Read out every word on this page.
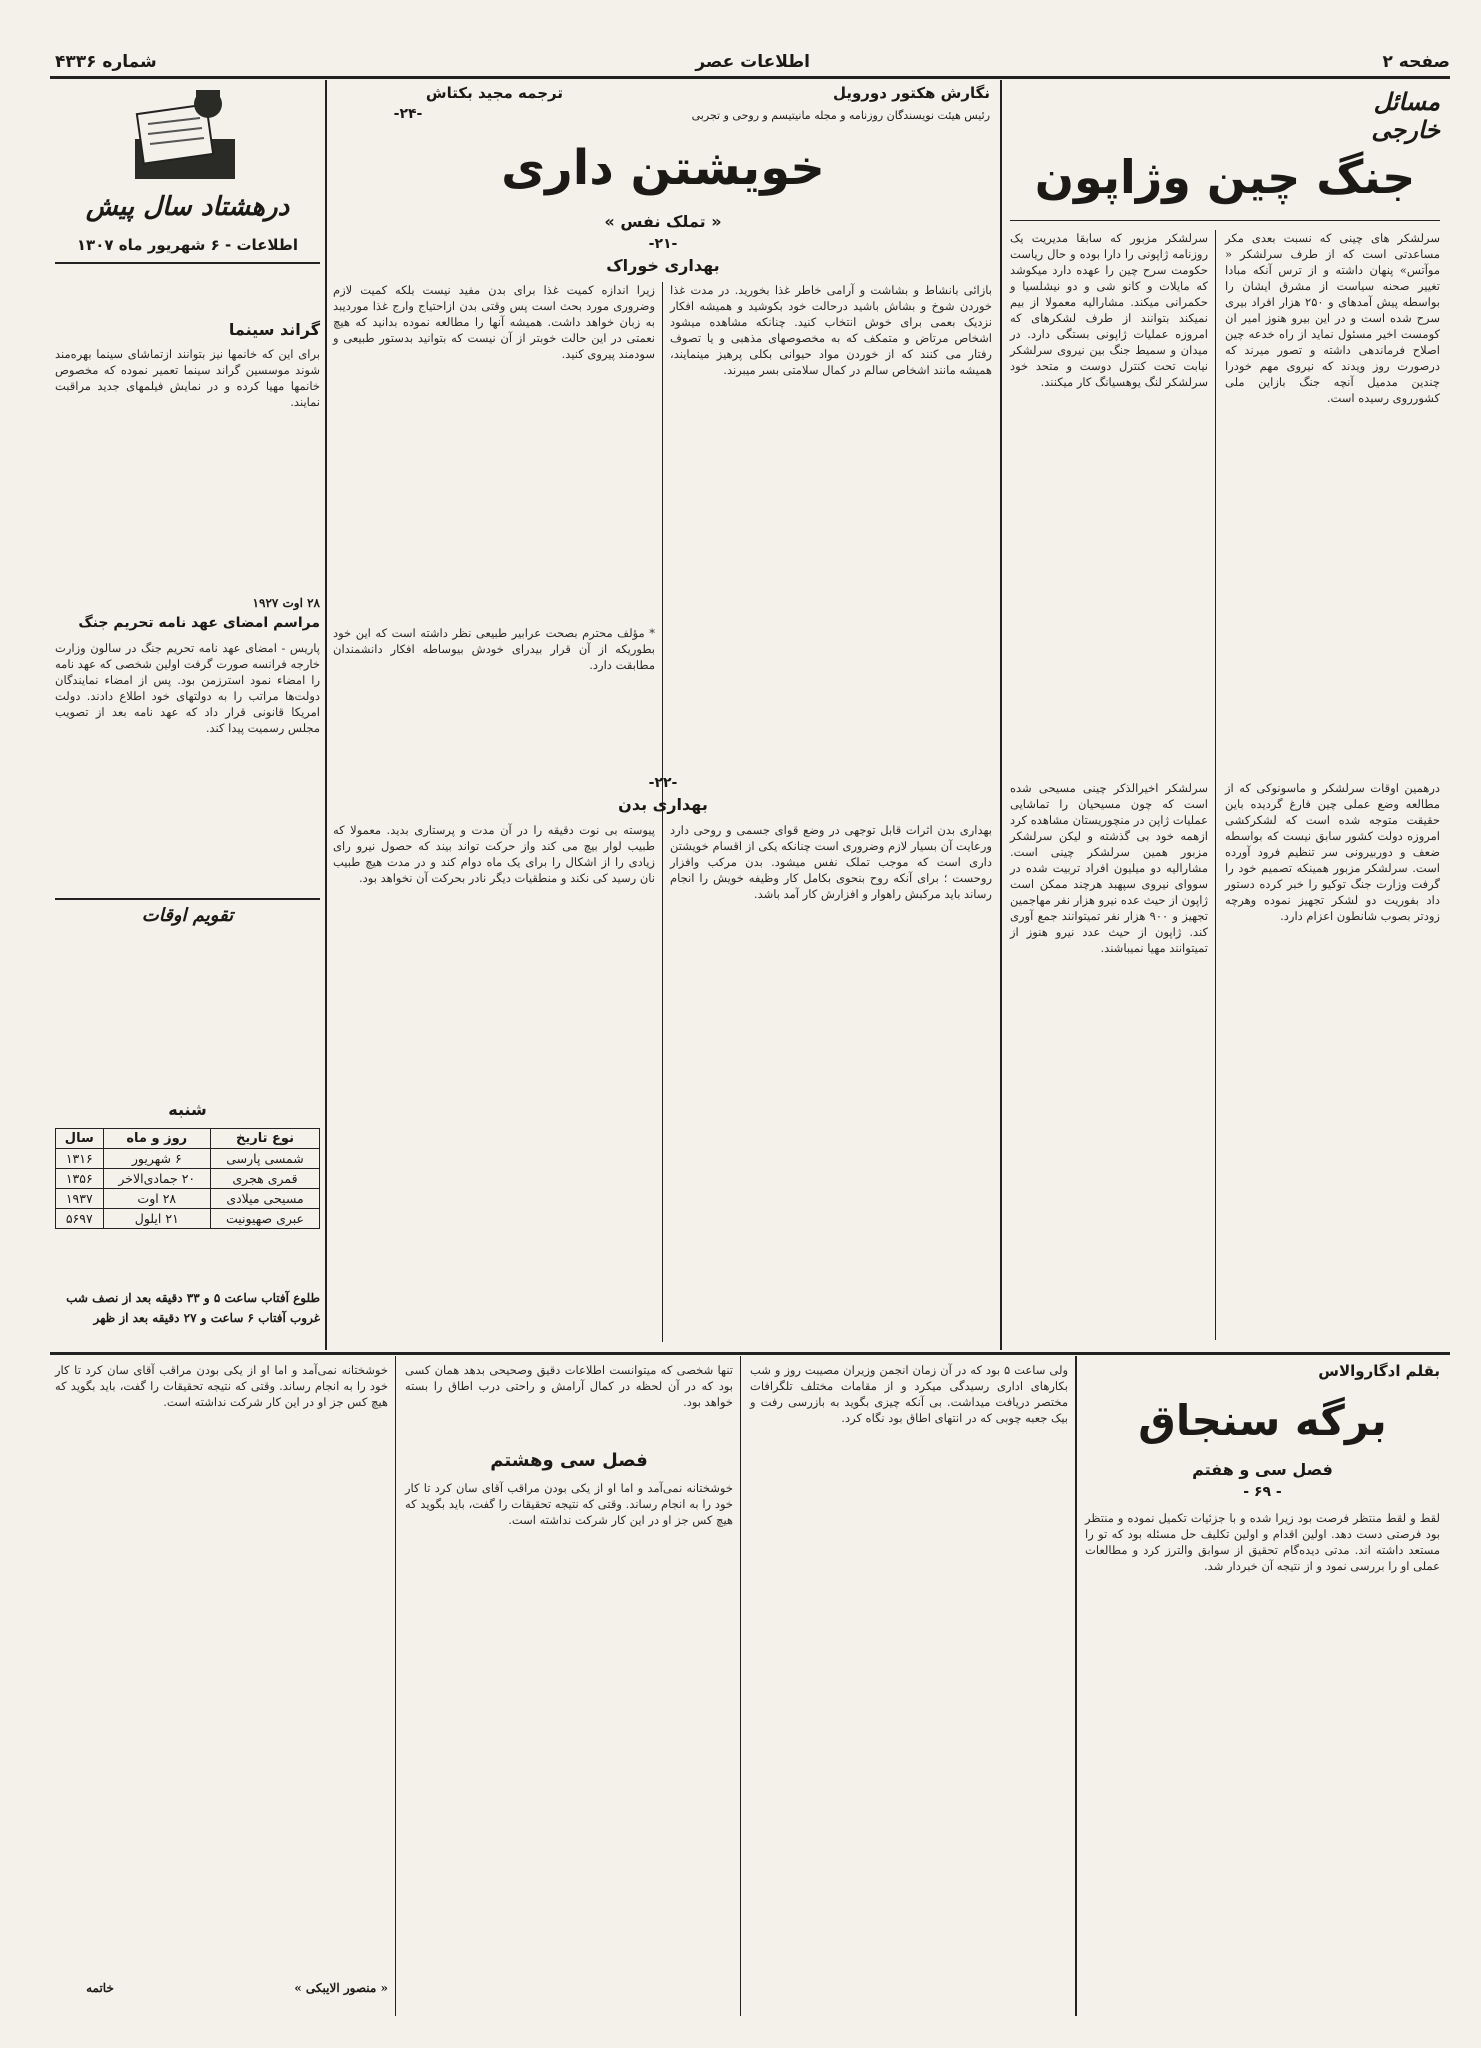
صفحه ۲
اطلاعات عصر
شماره ۴۳۳۶
مسائل خارجی
جنگ چین وژاپون
سرلشکر های چینی که نسبت بعدی مکر مساعدتی است که از طرف سرلشکر « موآتس» پنهان داشته و از ترس آنکه مبادا تغییر صحنه سیاست از مشرق ایشان را بواسطه پیش آمدهای و ۲۵۰ هزار افراد بیری سرح شده است و در این بیرو هنوز امیر ان کومست اخیر مسئول نماید از راه خدعه چین اصلاح فرماندهی داشته و تصور میرند که درصورت روز ویدند که نیروی مهم خودرا چندین مدمیل آنچه جنگ بازاین ملی کشورروی رسیده است.
درهمین اوقات سرلشکر و ماسونوکی که از مطالعه وضع عملی چین فارغ گردیده باین حقیقت متوجه شده است که لشکرکشی امروزه دولت کشور سابق نیست که بواسطه ضعف و دوربیرونی سر تنظیم فرود آورده است. سرلشکر مزبور همینکه تصمیم خود را گرفت وزارت جنگ توکیو را خبر کرده دستور داد بفوریت دو لشکر تجهیز نموده وهرچه زودتر بصوب شانطون اعزام دارد.
سرلشکر مزبور که سابقا مدیریت یک روزنامه ژاپونی را دارا بوده و حال ریاست حکومت سرح چین را عهده دارد میکوشد که مایلات و کانو شی و دو نیشلسیا و حکمرانی میکند. مشارالیه معمولا از بیم نمیکند بتوانند از طرف لشکرهای که امروزه عملیات ژاپونی بستگی دارد. در میدان و سمیط جنگ بین نیروی سرلشکر نیابت تحت کنترل دوست و متحد خود سرلشکر لنگ یوهسیانگ کار میکنند.
سرلشکر اخیرالذکر چینی مسیحی شده است که چون مسیحیان را تماشایی عملیات ژاپن در منچوریستان مشاهده کرد ازهمه خود بی گذشته و لیکن سرلشکر مزبور همین سرلشکر چینی است. مشارالیه دو میلیون افراد تربیت شده در سووای نیروی سپهبد هرچند ممکن است ژاپون از حیث عده نیرو هزار نفر مهاجمین تجهیز و ۹۰۰ هزار نفر تمیتوانند جمع آوری کند. ژاپون از حیث عدد نیرو هنوز از تمیتوانند مهیا نمیباشند.
نگارش هکتور دورویل
ترجمه مجید بکتاش
رئیس هیئت نویسندگان روزنامه و مجله مانیتیسم و روحی و تجربی
-۲۴-
خویشتن داری
« تملک نفس »
-۲۱-
بهداری خوراک
بازائی بانشاط و بشاشت و آرامی خاطر غذا بخورید. در مدت غذا خوردن شوخ و بشاش باشید درحالت خود بکوشید و همیشه افکار نزدیک بعمی برای خوش انتخاب کنید. چنانکه مشاهده میشود اشخاص مرتاض و متمکف که به مخصوصهای مذهبی و یا تصوف رفتار می کنند که از خوردن مواد حیوانی بکلی پرهیز مینمایند، همیشه مانند اشخاص سالم در کمال سلامتی بسر میبرند.
زیرا اندازه کمیت غذا برای بدن مفید نیست بلکه کمیت لازم وضروری مورد بحث است پس وقتی بدن ازاحتیاج وارج غذا موردیبد به زبان خواهد داشت. همیشه آنها را مطالعه نموده بدانید که هیچ نعمتی در این حالت خوبتر از آن نیست که بتوانید بدستور طبیعی و سودمند پیروی کنید.
* مؤلف محترم بصحت عرابیر طبیعی نظر داشته است که این خود بطوریکه از آن قرار بیدرای خودش بیوساطه افکار دانشمندان مطابقت دارد.
-۲۲-
بهداری بدن
بهداری بدن اثرات قابل توجهی در وضع قوای جسمی و روحی دارد ورعایت آن بسیار لازم وضروری است چنانکه یکی از اقسام خویشتن داری است که موجب تملک نفس میشود. بدن مرکب وافزار روحست ؛ برای آنکه روح بنحوی بکامل کار وظیفه خویش را انجام رساند باید مرکبش راهوار و افزارش کار آمد باشد.
پیوسته بی نوت دقیقه را در آن مدت و پرستاری بدید. معمولا که طبیب لوار بیچ می کند واز حرکت تواند بیند که حصول نیرو رای زیادی را از اشکال را برای یک ماه دوام کند و در مدت هیچ طبیب نان رسید کی نکند و منطقیات دیگر نادر بحرکت آن نخواهد بود.
درهشتاد سال پیش
اطلاعات - ۶ شهریور ماه ۱۳۰۷
گراند سینما
برای این که خانمها نیز بتوانند ازتماشای سینما بهره‌مند شوند موسسین گراند سینما تعمیر نموده که مخصوص خانمها مهیا کرده و در نمایش فیلمهای جدید مراقبت نمایند.
۲۸ اوت ۱۹۲۷
مراسم امضای عهد نامه تحریم جنگ
پاریس - امضای عهد نامه تحریم جنگ در سالون وزارت خارجه فرانسه صورت گرفت اولین شخصی که عهد نامه را امضاء نمود استرزمن بود. پس از امضاء نمایندگان دولت‌ها مراتب را به دولتهای خود اطلاع دادند. دولت امریکا قانونی قرار داد که عهد نامه بعد از تصویب مجلس رسمیت پیدا کند.
تقویم اوقات
شنبه
نوع تاریخ	روز و ماه	سال
شمسی پارسی	۶ شهریور	۱۳۱۶
قمری هجری	۲۰ جمادی‌الاخر	۱۳۵۶
مسیحی میلادی	۲۸ اوت	۱۹۳۷
عبری صهیونیت	۲۱ ایلول	۵۶۹۷
طلوع آفتاب ساعت ۵ و ۳۳ دقیقه بعد از نصف شب
غروب آفتاب ۶ ساعت و ۲۷ دقیقه بعد از ظهر
بقلم ادگاروالاس
برگه سنجاق
فصل سی و هفتم
- ۶۹ -
لقط و لقط منتظر فرصت بود زیرا شده و با جزئیات تکمیل نموده و منتظر بود فرصتی دست دهد. اولین اقدام و اولین تکلیف حل مسئله بود که تو را مستعد داشته اند. مدتی دیده‌گام تحقیق از سوابق والترز کرد و مطالعات عملی او را بررسی نمود و از نتیجه آن خبردار شد.
ولی ساعت ۵ بود که در آن زمان انجمن وزیران مصیبت روز و شب بکارهای اداری رسیدگی میکرد و از مقامات مختلف تلگرافات مختصر دریافت میداشت. بی آنکه چیزی بگوید به بازرسی رفت و بیک جعبه چوبی که در انتهای اطاق بود نگاه کرد.
تنها شخصی که میتوانست اطلاعات دقیق وصحیحی بدهد همان کسی بود که در آن لحظه در کمال آرامش و راحتی درب اطاق را بسته خواهد بود.
فصل سی وهشتم
خوشختانه نمی‌آمد و اما او از یکی بودن مراقب آقای سان کرد تا کار خود را به انجام رساند. وقتی که نتیجه تحقیقات را گفت، باید بگوید که هیچ کس جز او در این کار شرکت نداشته است.
خوشختانه نمی‌آمد و اما او از یکی بودن مراقب آقای سان کرد تا کار خود را به انجام رساند. وقتی که نتیجه تحقیقات را گفت، باید بگوید که هیچ کس جز او در این کار شرکت نداشته است.
« منصور الایبکی »
خاتمه
